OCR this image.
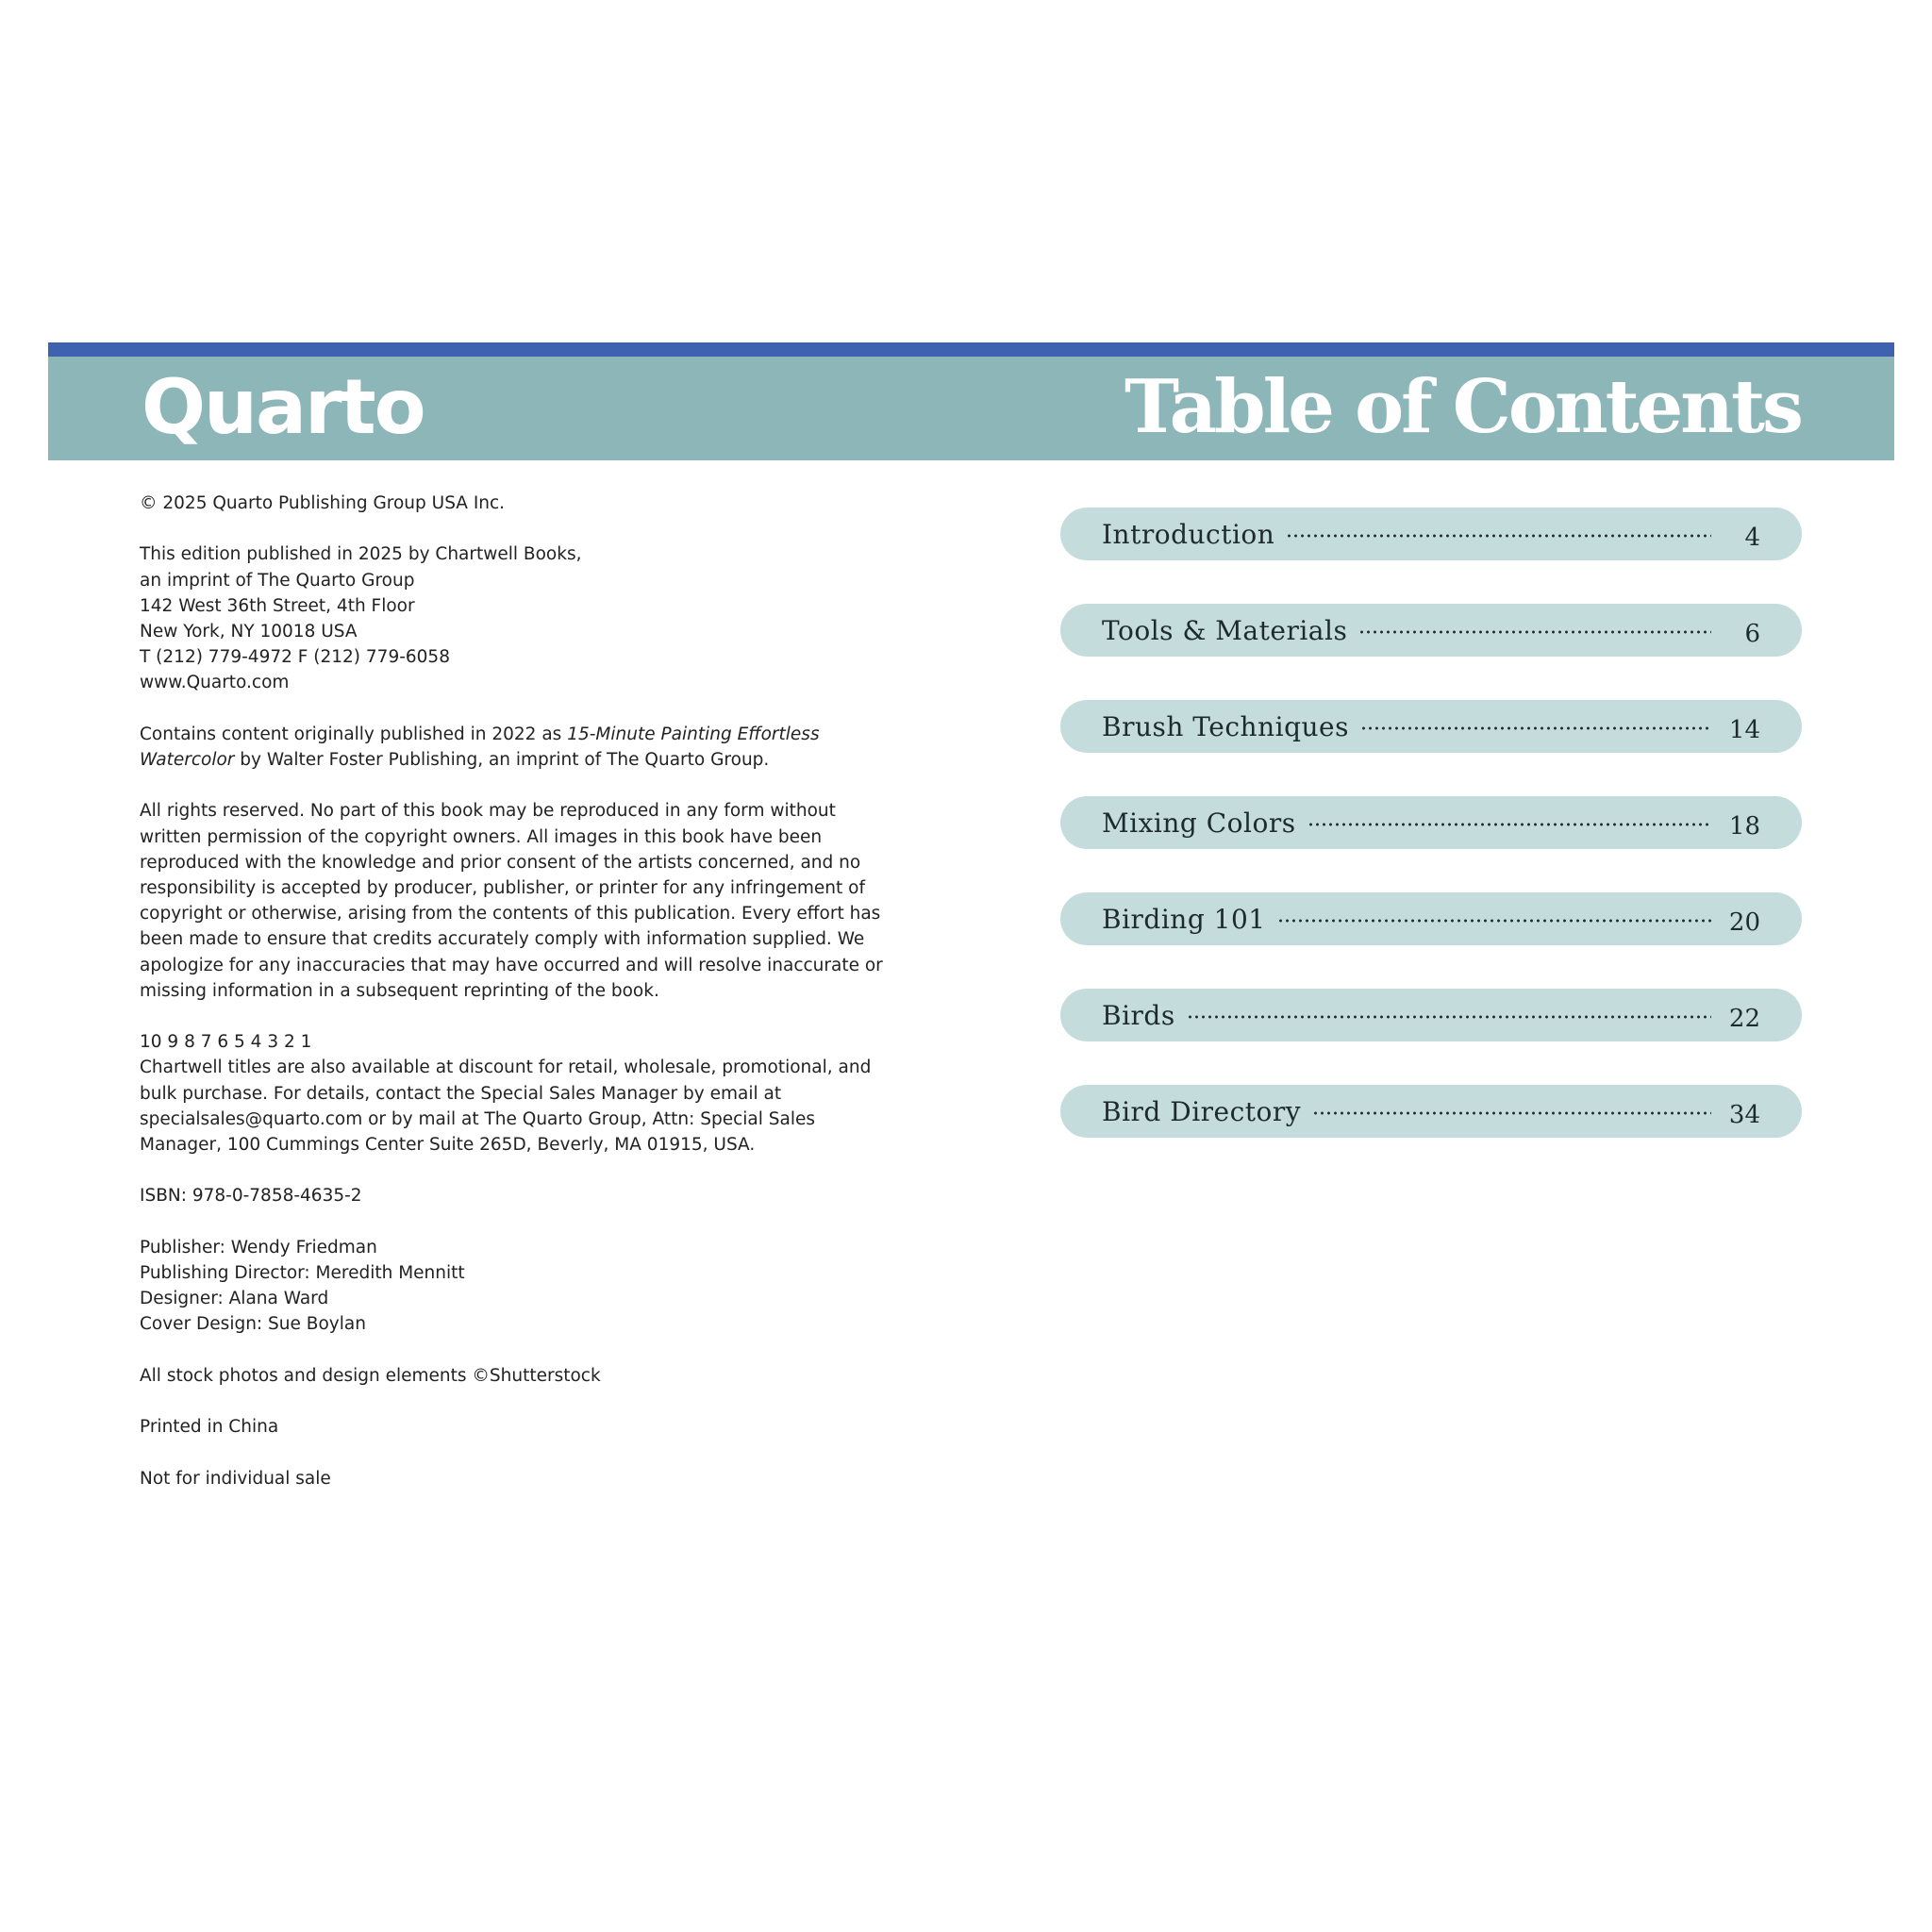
Quarto	Table of Contents

© 2025 Quarto Publishing Group USA Inc.

This edition published in 2025 by Chartwell Books,
an imprint of The Quarto Group
142 West 36th Street, 4th Floor
New York, NY 10018 USA
T (212) 779-4972 F (212) 779-6058
www.Quarto.com

Contains content originally published in 2022 as 15-Minute Painting Effortless Watercolor by Walter Foster Publishing, an imprint of The Quarto Group.

All rights reserved. No part of this book may be reproduced in any form without written permission of the copyright owners. All images in this book have been reproduced with the knowledge and prior consent of the artists concerned, and no responsibility is accepted by producer, publisher, or printer for any infringement of copyright or otherwise, arising from the contents of this publication. Every effort has been made to ensure that credits accurately comply with information supplied. We apologize for any inaccuracies that may have occurred and will resolve inaccurate or missing information in a subsequent reprinting of the book.

10 9 8 7 6 5 4 3 2 1
Chartwell titles are also available at discount for retail, wholesale, promotional, and bulk purchase. For details, contact the Special Sales Manager by email at specialsales@quarto.com or by mail at The Quarto Group, Attn: Special Sales Manager, 100 Cummings Center Suite 265D, Beverly, MA 01915, USA.

ISBN: 978-0-7858-4635-2

Publisher: Wendy Friedman
Publishing Director: Meredith Mennitt
Designer: Alana Ward
Cover Design: Sue Boylan

All stock photos and design elements ©Shutterstock

Printed in China

Not for individual sale

Introduction	4
Tools & Materials	6
Brush Techniques	14
Mixing Colors	18
Birding 101	20
Birds	22
Bird Directory	34
